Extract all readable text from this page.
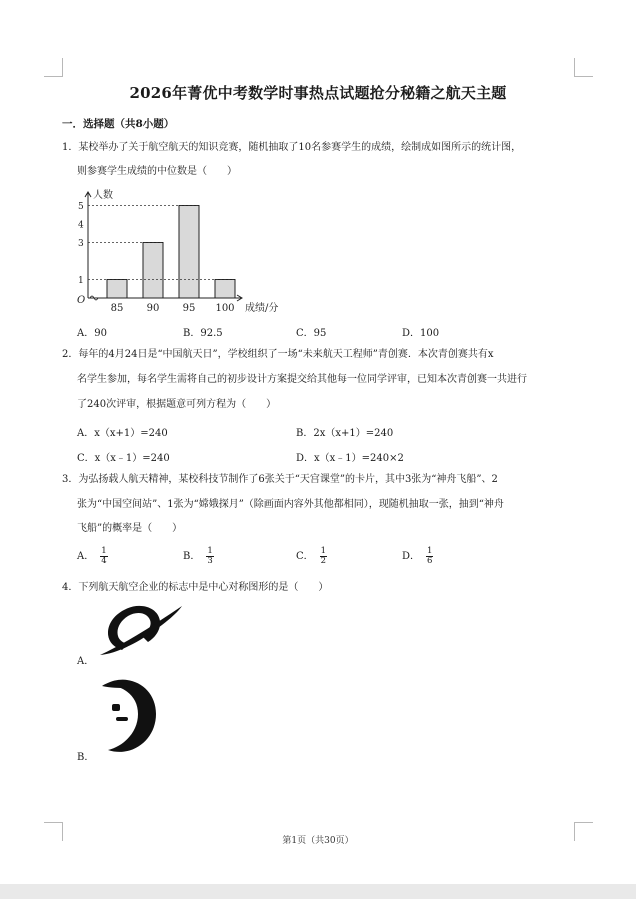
2026年菁优中考数学时事热点试题抢分秘籍之航天主题
一．选择题（共8小题）
1．某校举办了关于航空航天的知识竞赛，随机抽取了10名参赛学生的成绩，绘制成如图所示的统计图，
则参赛学生成绩的中位数是（　　）
人数
成绩/分
O
1
3
4
5
85 90 95 100
A．90	B．92.5	C．95	D．100
2．每年的4月24日是“中国航天日”，学校组织了一场“未来航天工程师”青创赛．本次青创赛共有x
名学生参加，每名学生需将自己的初步设计方案提交给其他每一位同学评审，已知本次青创赛一共进行
了240次评审，根据题意可列方程为（　　）
A．x（x+1）=240	B．2x（x+1）=240
C．x（x﹣1）=240	D．x（x﹣1）=240×2
3．为弘扬载人航天精神，某校科技节制作了6张关于“天宫课堂”的卡片，其中3张为“神舟飞船”、2
张为“中国空间站”、1张为“嫦娥探月”（除画面内容外其他都相同），现随机抽取一张，抽到“神舟
飞船”的概率是（　　）
A． $\frac{1}{4}$	B． $\frac{1}{3}$	C． $\frac{1}{2}$	D． $\frac{1}{6}$
4．下列航天航空企业的标志中是中心对称图形的是（　　）
A．
B．
第1页（共30页）
